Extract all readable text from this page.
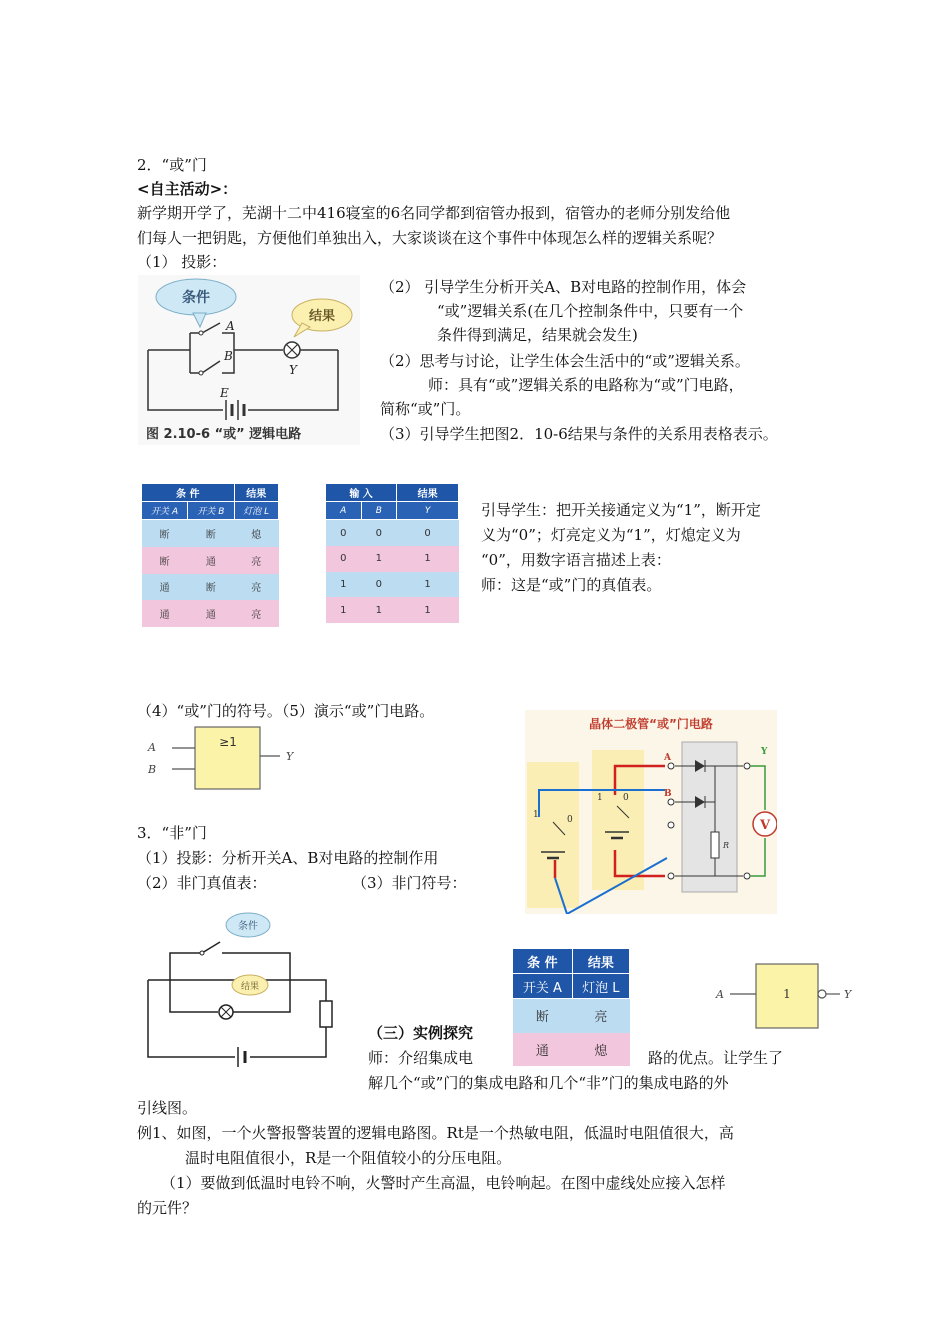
2．“或”门
<自主活动>：
新学期开学了，芜湖十二中416寝室的6名同学都到宿管办报到，宿管办的老师分别发给他
们每人一把钥匙，方便他们单独出入，大家谈谈在这个事件中体现怎么样的逻辑关系呢？
（1） 投影：
条件
结果
A
B
Y
E
图 2.10-6 “或” 逻辑电路
（2） 引导学生分析开关A、B对电路的控制作用，体会
“或”逻辑关系(在几个控制条件中，只要有一个
条件得到满足，结果就会发生)
（2）思考与讨论，让学生体会生活中的“或”逻辑关系。
师：具有“或”逻辑关系的电路称为“或”门电路，
简称“或”门。
（3）引导学生把图2．10-6结果与条件的关系用表格表示。
条 件		结果
开关 A	开关 B	灯泡 L
断	断	熄
断	通	亮
通	断	亮
通	通	亮
输 入		结果
A	B	Y
0	0	0
0	1	1
1	0	1
1	1	1
引导学生：把开关接通定义为“1”，断开定
义为“0”；灯亮定义为“1”，灯熄定义为
“0”，用数字语言描述上表：
师：这是“或”门的真值表。
（4）“或”门的符号。（5）演示“或”门电路。
A
B
≥1
Y
晶体二极管“或”门电路
V
A
B
Y
R
1	0
1 0
3．“非”门
（1）投影：分析开关A、B对电路的控制作用
（2）非门真值表：	（3）非门符号：
条件
结果
条 件	结果
开关 A	灯泡 L
断	亮
通	熄
A	1	Y
（三）实例探究
师：介绍集成电	路的优点。让学生了
解几个“或”门的集成电路和几个“非”门的集成电路的外
引线图。
例1、如图，一个火警报警装置的逻辑电路图。Rt是一个热敏电阻，低温时电阻值很大，高
温时电阻值很小，R是一个阻值较小的分压电阻。
（1）要做到低温时电铃不响，火警时产生高温，电铃响起。在图中虚线处应接入怎样
的元件？
